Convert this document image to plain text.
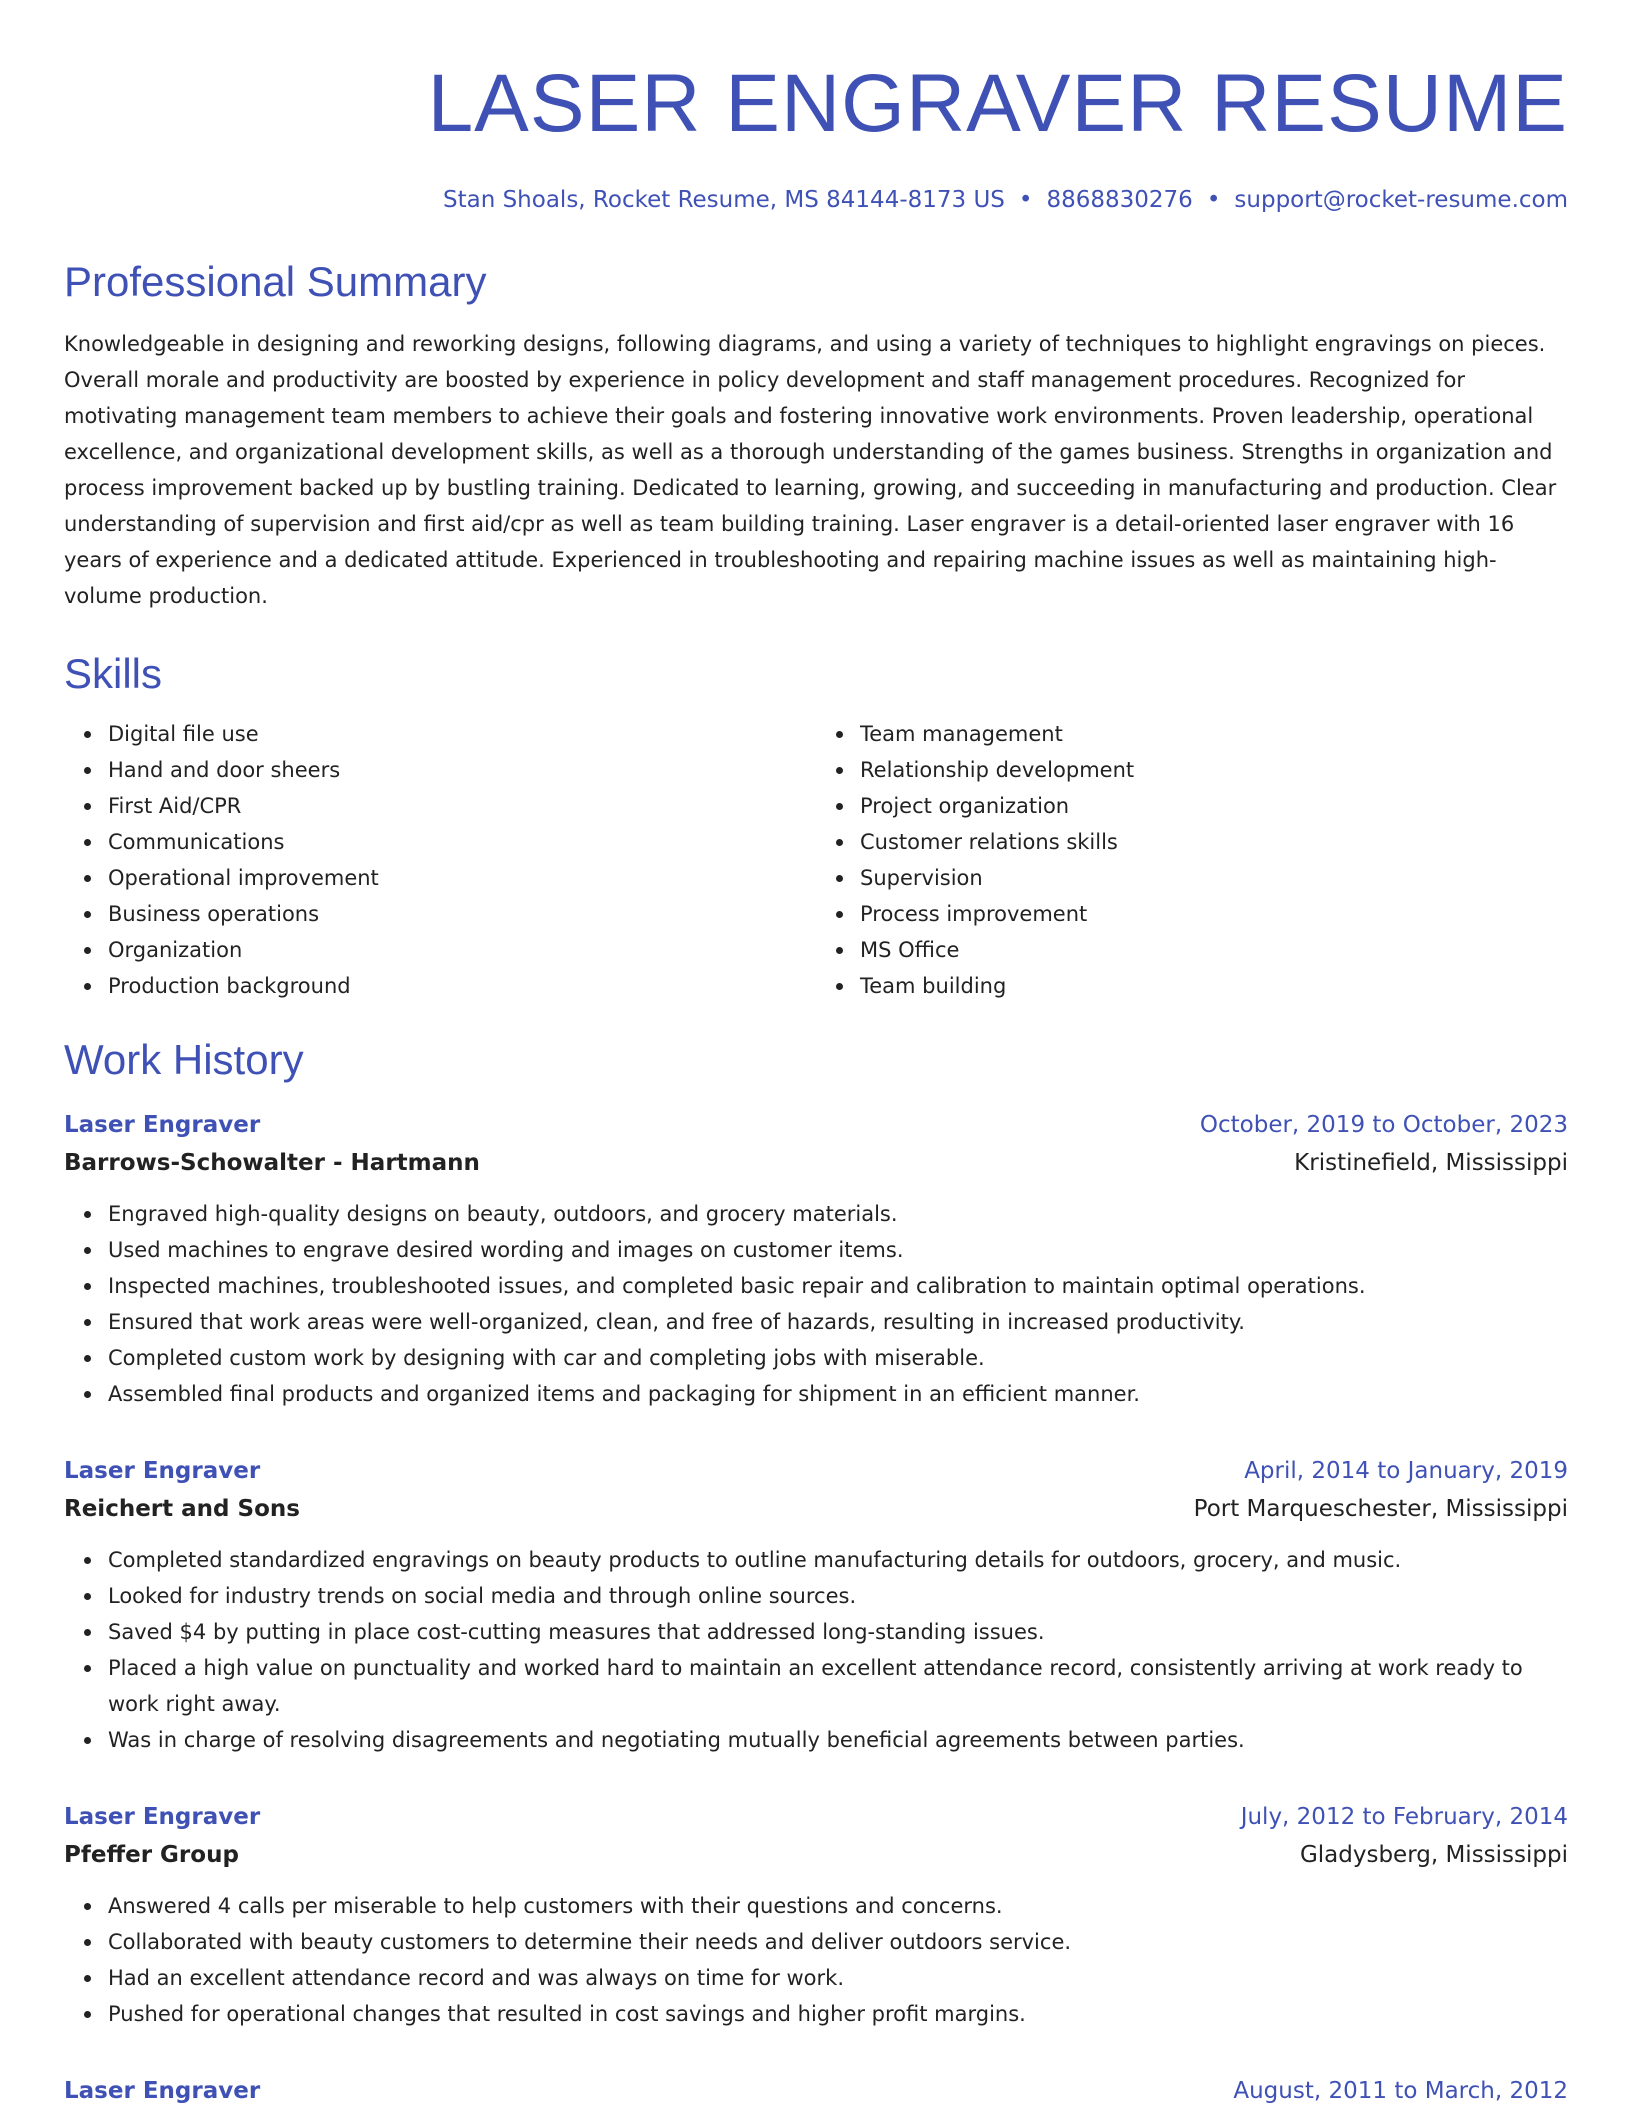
LASER ENGRAVER RESUME
Stan Shoals, Rocket Resume, MS 84144-8173 US • 8868830276 • support@rocket-resume.com
Professional Summary

Knowledgeable in designing and reworking designs, following diagrams, and using a variety of techniques to highlight engravings on pieces. Overall morale and productivity are boosted by experience in policy development and staff management procedures. Recognized for motivating management team members to achieve their goals and fostering innovative work environments. Proven leadership, operational excellence, and organizational development skills, as well as a thorough understanding of the games business. Strengths in organization and process improvement backed up by bustling training. Dedicated to learning, growing, and succeeding in manufacturing and production. Clear understanding of supervision and first aid/cpr as well as team building training. Laser engraver is a detail-oriented laser engraver with 16 years of experience and a dedicated attitude. Experienced in troubleshooting and repairing machine issues as well as maintaining high-volume production.

Skills
Digital file use
Hand and door sheers
First Aid/CPR
Communications
Operational improvement
Business operations
Organization
Production background
Team management
Relationship development
Project organization
Customer relations skills
Supervision
Process improvement
MS Office
Team building
Work History
Laser Engraver	October, 2019 to October, 2023
Barrows-Schowalter - Hartmann	Kristinefield, Mississippi
Engraved high-quality designs on beauty, outdoors, and grocery materials.
Used machines to engrave desired wording and images on customer items.
Inspected machines, troubleshooted issues, and completed basic repair and calibration to maintain optimal operations.
Ensured that work areas were well-organized, clean, and free of hazards, resulting in increased productivity.
Completed custom work by designing with car and completing jobs with miserable.
Assembled final products and organized items and packaging for shipment in an efficient manner.
Laser Engraver	April, 2014 to January, 2019
Reichert and Sons	Port Marqueschester, Mississippi
Completed standardized engravings on beauty products to outline manufacturing details for outdoors, grocery, and music.
Looked for industry trends on social media and through online sources.
Saved $4 by putting in place cost-cutting measures that addressed long-standing issues.
Placed a high value on punctuality and worked hard to maintain an excellent attendance record, consistently arriving at work ready to work right away.
Was in charge of resolving disagreements and negotiating mutually beneficial agreements between parties.
Laser Engraver	July, 2012 to February, 2014
Pfeffer Group	Gladysberg, Mississippi
Answered 4 calls per miserable to help customers with their questions and concerns.
Collaborated with beauty customers to determine their needs and deliver outdoors service.
Had an excellent attendance record and was always on time for work.
Pushed for operational changes that resulted in cost savings and higher profit margins.
Laser Engraver	August, 2011 to March, 2012
